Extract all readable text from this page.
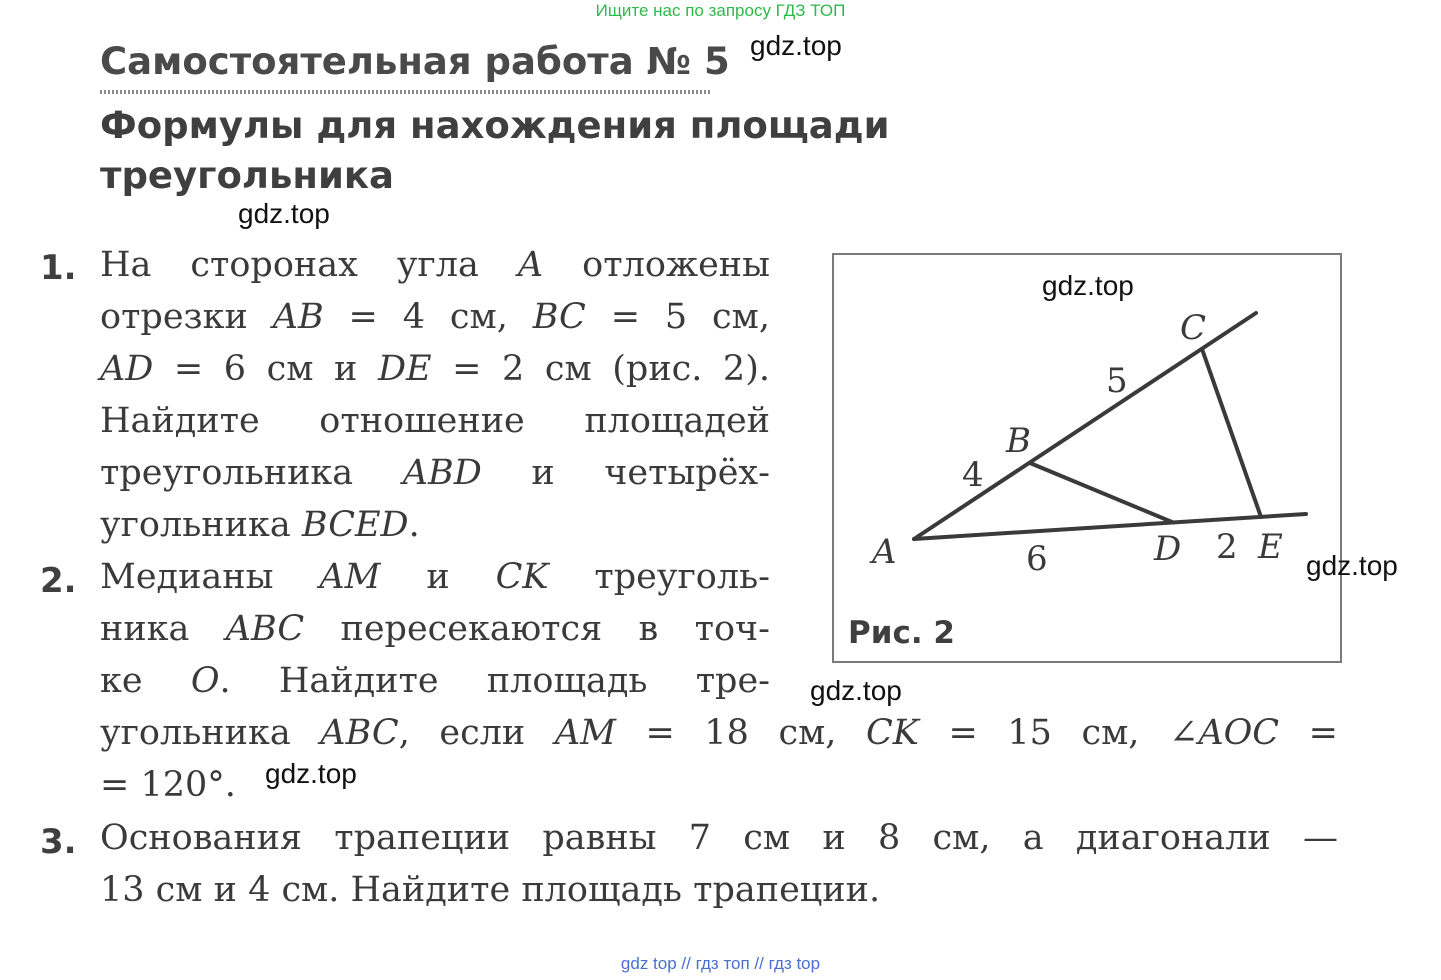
Ищите нас по запросу ГДЗ ТОП
Самостоятельная работа № 5
Формулы для нахождения площади
треугольника
1. На сторонах угла A отложены
отрезки AB = 4 см, BC = 5 см,
AD = 6 см и DE = 2 см (рис. 2).
Найдите отношение площадей
треугольника ABD и четырёх-
угольника BCED.
2. Медианы AM и CK треуголь-
ника ABC пересекаются в точ-
ке O. Найдите площадь тре-
угольника ABC, если AM = 18 см, CK = 15 см, ∠AOC =
= 120°.
3. Основания трапеции равны 7 см и 8 см, а диагонали —
13 см и 4 см. Найдите площадь трапеции.
A
B
C
D E
4
5
6	2
Рис. 2
gdz.top
gdz.top
gdz.top
gdz.top
gdz.top
gdz.top
gdz top // гдз топ // гдз top
